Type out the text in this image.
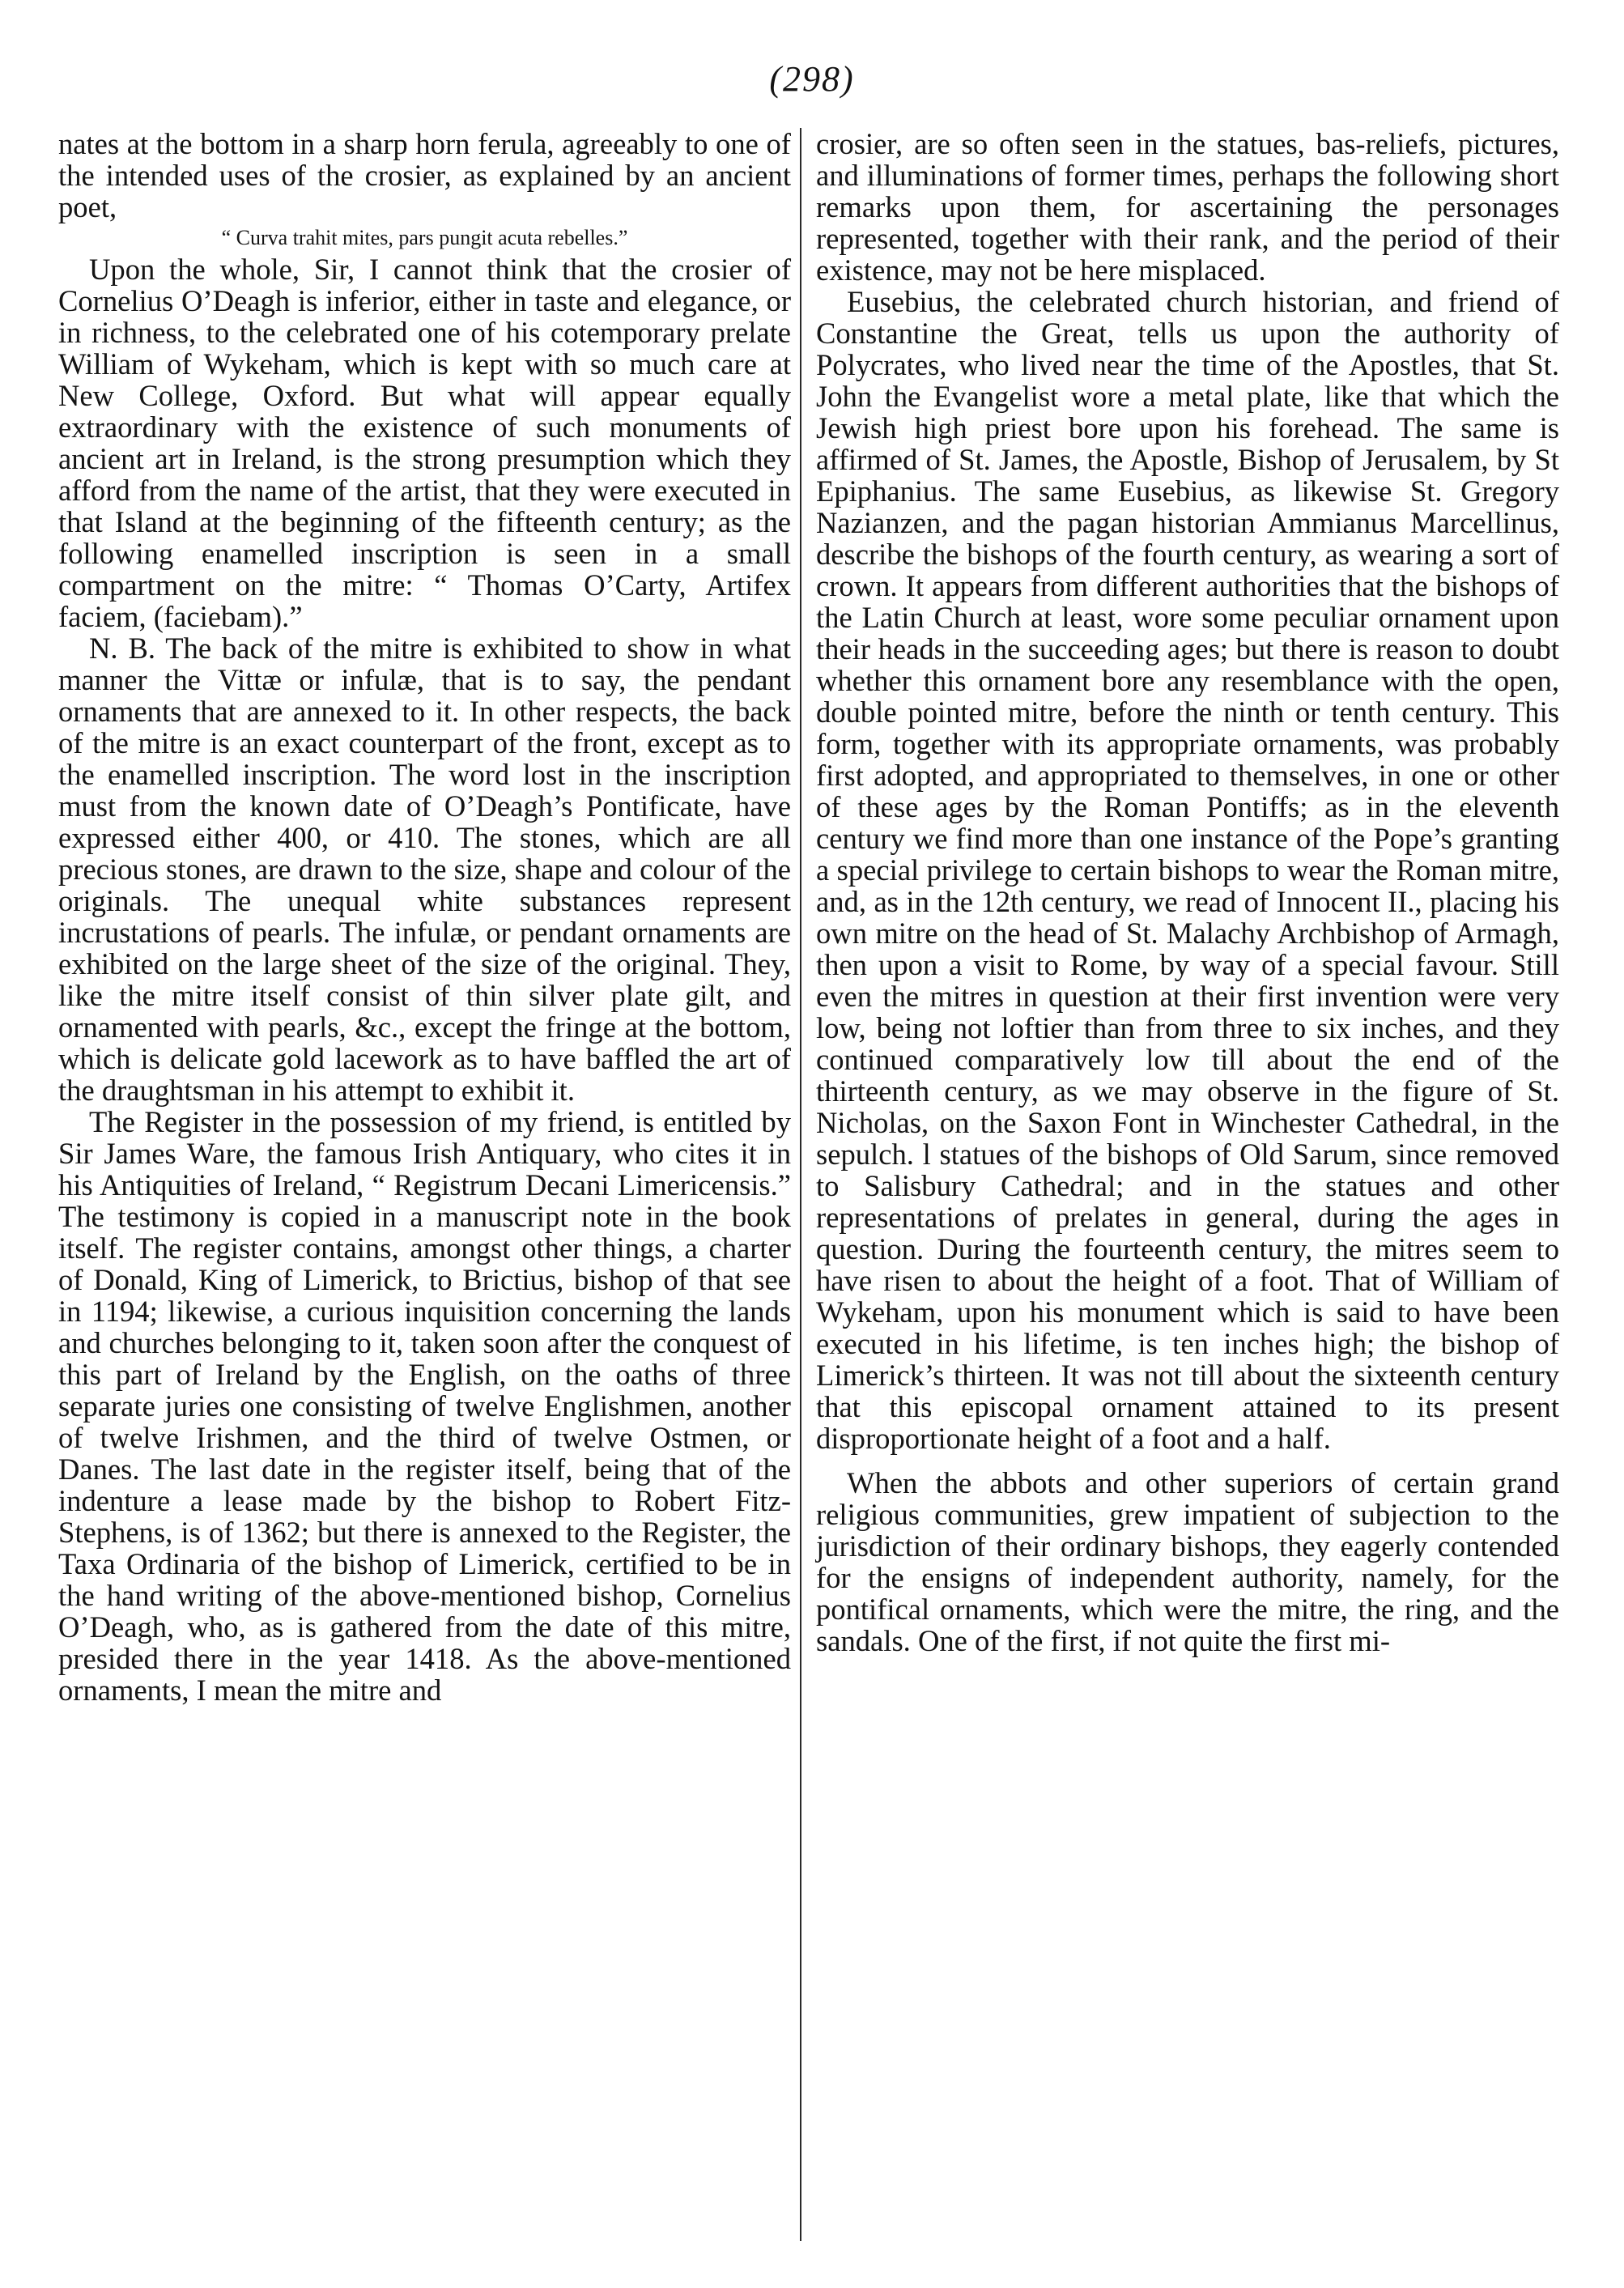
(298)

nates at the bottom in a sharp horn ferula, agreeably to one of the intended uses of the crosier, as explained by an ancient poet,

“ Curva trahit mites, pars pungit acuta rebelles.”

Upon the whole, Sir, I cannot think that the crosier of Cornelius O’Deagh is inferior, either in taste and elegance, or in richness, to the celebrated one of his cotemporary prelate William of Wykeham, which is kept with so much care at New College, Oxford. But what will appear equally extraordinary with the existence of such monuments of ancient art in Ireland, is the strong presumption which they afford from the name of the artist, that they were executed in that Island at the beginning of the fifteenth century; as the following enamelled inscription is seen in a small compartment on the mitre: “ Thomas O’Carty, Artifex faciem, (faciebam).”

N. B. The back of the mitre is exhibited to show in what manner the Vittæ or infulæ, that is to say, the pendant ornaments that are annexed to it. In other respects, the back of the mitre is an exact counterpart of the front, except as to the enamelled inscription. The word lost in the inscription must from the known date of O’Deagh’s Pontificate, have expressed either 400, or 410. The stones, which are all precious stones, are drawn to the size, shape and colour of the originals. The unequal white substances represent incrustations of pearls. The infulæ, or pendant ornaments are exhibited on the large sheet of the size of the original. They, like the mitre itself consist of thin silver plate gilt, and ornamented with pearls, &c., except the fringe at the bottom, which is delicate gold lacework as to have baffled the art of the draughtsman in his attempt to exhibit it.

The Register in the possession of my friend, is entitled by Sir James Ware, the famous Irish Antiquary, who cites it in his Antiquities of Ireland, “ Registrum Decani Limericensis.” The testimony is copied in a manuscript note in the book itself. The register contains, amongst other things, a charter of Donald, King of Limerick, to Brictius, bishop of that see in 1194; likewise, a curious inquisition concerning the lands and churches belonging to it, taken soon after the conquest of this part of Ireland by the English, on the oaths of three separate juries one consisting of twelve Englishmen, another of twelve Irishmen, and the third of twelve Ostmen, or Danes. The last date in the register itself, being that of the indenture a lease made by the bishop to Robert Fitz-Stephens, is of 1362; but there is annexed to the Register, the Taxa Ordinaria of the bishop of Limerick, certified to be in the hand writing of the above-mentioned bishop, Cornelius O’Deagh, who, as is gathered from the date of this mitre, presided there in the year 1418. As the above-mentioned ornaments, I mean the mitre and

crosier, are so often seen in the statues, bas-reliefs, pictures, and illuminations of former times, perhaps the following short remarks upon them, for ascertaining the personages represented, together with their rank, and the period of their existence, may not be here misplaced.

Eusebius, the celebrated church historian, and friend of Constantine the Great, tells us upon the authority of Polycrates, who lived near the time of the Apostles, that St. John the Evangelist wore a metal plate, like that which the Jewish high priest bore upon his forehead. The same is affirmed of St. James, the Apostle, Bishop of Jerusalem, by St Epiphanius. The same Eusebius, as likewise St. Gregory Nazianzen, and the pagan historian Ammianus Marcellinus, describe the bishops of the fourth century, as wearing a sort of crown. It appears from different authorities that the bishops of the Latin Church at least, wore some peculiar ornament upon their heads in the succeeding ages; but there is reason to doubt whether this ornament bore any resemblance with the open, double pointed mitre, before the ninth or tenth century. This form, together with its appropriate ornaments, was probably first adopted, and appropriated to themselves, in one or other of these ages by the Roman Pontiffs; as in the eleventh century we find more than one instance of the Pope’s granting a special privilege to certain bishops to wear the Roman mitre, and, as in the 12th century, we read of Innocent II., placing his own mitre on the head of St. Malachy Archbishop of Armagh, then upon a visit to Rome, by way of a special favour. Still even the mitres in question at their first invention were very low, being not loftier than from three to six inches, and they continued comparatively low till about the end of the thirteenth century, as we may observe in the figure of St. Nicholas, on the Saxon Font in Winchester Cathedral, in the sepulch. l statues of the bishops of Old Sarum, since removed to Salisbury Cathedral; and in the statues and other representations of prelates in general, during the ages in question. During the fourteenth century, the mitres seem to have risen to about the height of a foot. That of William of Wykeham, upon his monument which is said to have been executed in his lifetime, is ten inches high; the bishop of Limerick’s thirteen. It was not till about the sixteenth century that this episcopal ornament attained to its present disproportionate height of a foot and a half.

When the abbots and other superiors of certain grand religious communities, grew impatient of subjection to the jurisdiction of their ordinary bishops, they eagerly contended for the ensigns of independent authority, namely, for the pontifical ornaments, which were the mitre, the ring, and the sandals. One of the first, if not quite the first mi-
